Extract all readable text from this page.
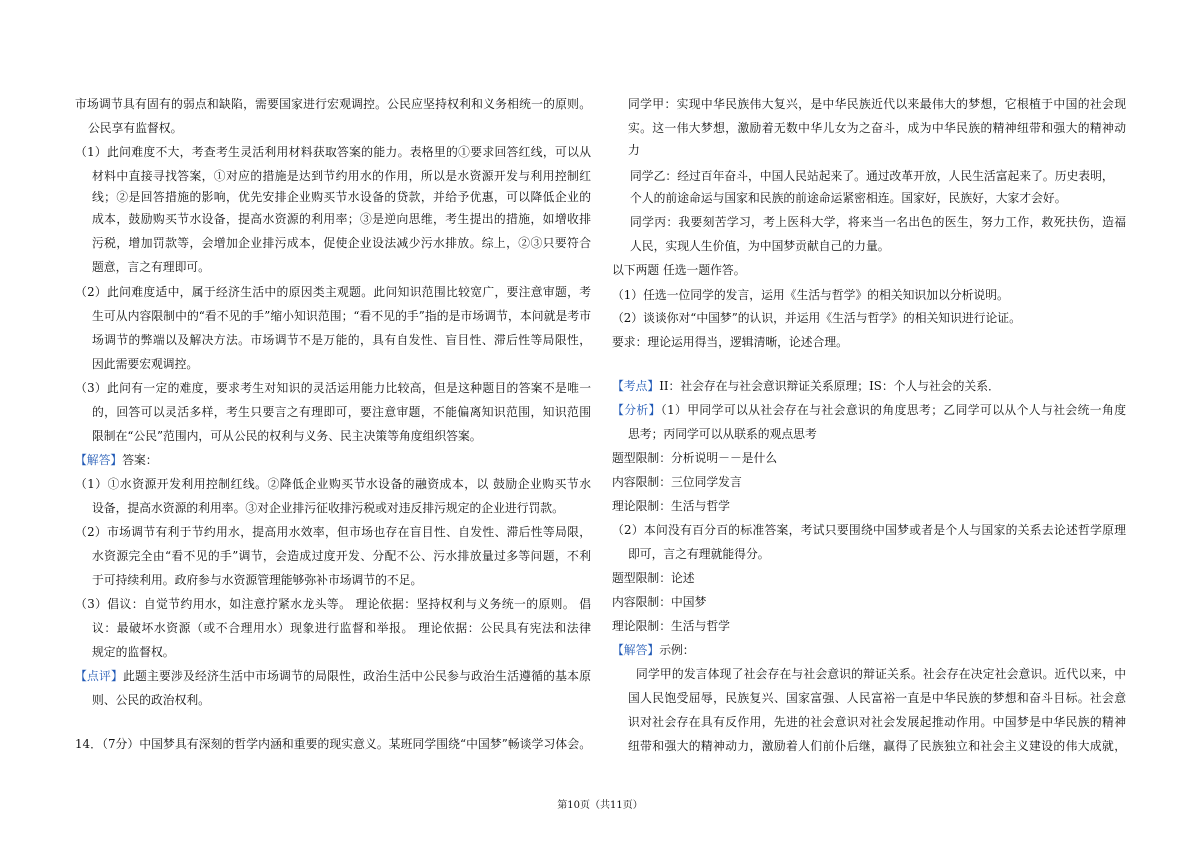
市场调节具有固有的弱点和缺陷，需要国家进行宏观调控。公民应坚持权利和义务相统一的原则。
公民享有监督权。
（1）此问难度不大，考查考生灵活利用材料获取答案的能力。表格里的①要求回答红线，可以从
材料中直接寻找答案，①对应的措施是达到节约用水的作用，所以是水资源开发与利用控制红
线；②是回答措施的影响，优先安排企业购买节水设备的贷款，并给予优惠，可以降低企业的
成本，鼓励购买节水设备，提高水资源的利用率；③是逆向思维，考生提出的措施，如增收排
污税，增加罚款等，会增加企业排污成本，促使企业设法减少污水排放。综上，②③只要符合
题意，言之有理即可。
（2）此问难度适中，属于经济生活中的原因类主观题。此问知识范围比较宽广，要注意审题，考
生可从内容限制中的“看不见的手”缩小知识范围；“看不见的手”指的是市场调节，本问就是考市
场调节的弊端以及解决方法。市场调节不是万能的，具有自发性、盲目性、滞后性等局限性，
因此需要宏观调控。
（3）此问有一定的难度，要求考生对知识的灵活运用能力比较高，但是这种题目的答案不是唯一
的，回答可以灵活多样，考生只要言之有理即可，要注意审题，不能偏离知识范围，知识范围
限制在“公民”范围内，可从公民的权利与义务、民主决策等角度组织答案。
【解答】答案：
（1）①水资源开发利用控制红线。②降低企业购买节水设备的融资成本，以 鼓励企业购买节水
设备，提高水资源的利用率。③对企业排污征收排污税或对违反排污规定的企业进行罚款。
（2）市场调节有利于节约用水，提高用水效率，但市场也存在盲目性、自发性、滞后性等局限，
水资源完全由“看不见的手”调节，会造成过度开发、分配不公、污水排放量过多等问题，不利
于可持续利用。政府参与水资源管理能够弥补市场调节的不足。
（3）倡议：自觉节约用水，如注意拧紧水龙头等。 理论依据：坚持权利与义务统一的原则。 倡
议：最破坏水资源（或不合理用水）现象进行监督和举报。 理论依据：公民具有宪法和法律
规定的监督权。
【点评】此题主要涉及经济生活中市场调节的局限性，政治生活中公民参与政治生活遵循的基本原
则、公民的政治权利。
14．（7分）中国梦具有深刻的哲学内涵和重要的现实意义。某班同学围绕“中国梦”畅谈学习体会。
同学甲：实现中华民族伟大复兴，是中华民族近代以来最伟大的梦想，它根植于中国的社会现
实。这一伟大梦想，激励着无数中华儿女为之奋斗，成为中华民族的精神纽带和强大的精神动
力
同学乙：经过百年奋斗，中国人民站起来了。通过改革开放，人民生活富起来了。历史表明，
个人的前途命运与国家和民族的前途命运紧密相连。国家好，民族好，大家才会好。
同学丙：我要刻苦学习，考上医科大学，将来当一名出色的医生，努力工作，救死扶伤，造福
人民，实现人生价值，为中国梦贡献自己的力量。
以下两题 任选一题作答。
（1）任选一位同学的发言，运用《生活与哲学》的相关知识加以分析说明。
（2）谈谈你对“中国梦”的认识，并运用《生活与哲学》的相关知识进行论证。
要求：理论运用得当，逻辑清晰，论述合理。
【考点】II：社会存在与社会意识辩证关系原理；IS：个人与社会的关系．
【分析】（1）甲同学可以从社会存在与社会意识的角度思考；乙同学可以从个人与社会统一角度
思考；丙同学可以从联系的观点思考
题型限制：分析说明－－是什么
内容限制：三位同学发言
理论限制：生活与哲学
（2）本问没有百分百的标准答案，考试只要围绕中国梦或者是个人与国家的关系去论述哲学原理
即可，言之有理就能得分。
题型限制：论述
内容限制：中国梦
理论限制：生活与哲学
【解答】示例：
同学甲的发言体现了社会存在与社会意识的辩证关系。社会存在决定社会意识。近代以来，中
国人民饱受屈辱，民族复兴、国家富强、人民富裕一直是中华民族的梦想和奋斗目标。社会意
识对社会存在具有反作用，先进的社会意识对社会发展起推动作用。中国梦是中华民族的精神
纽带和强大的精神动力，激励着人们前仆后继，赢得了民族独立和社会主义建设的伟大成就，
第10页（共11页）
